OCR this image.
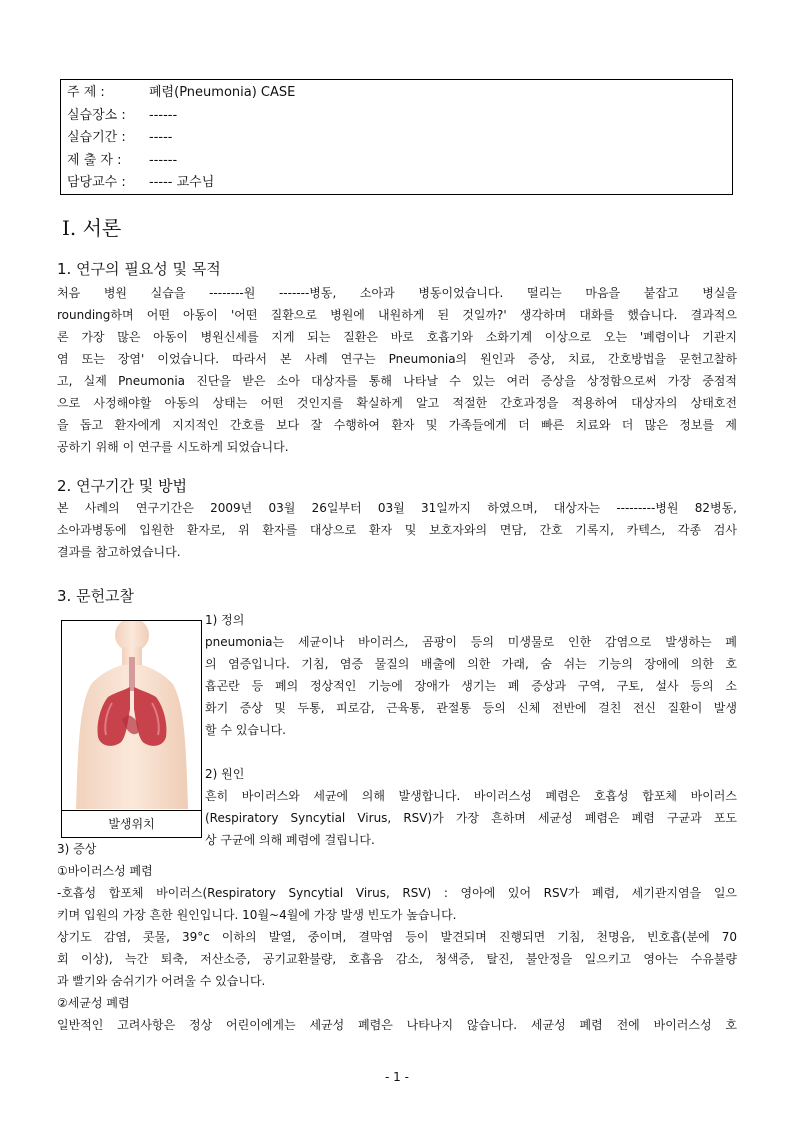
주 제 :	폐렴(Pneumonia) CASE
실습장소 : ------
실습기간 : -----
제 출 자 : ------
담당교수 : ----- 교수님
Ⅰ. 서론
1. 연구의 필요성 및 목적
처음 병원 실습을 --------원 -------병동, 소아과 병동이었습니다. 떨리는 마음을 붙잡고 병실을
rounding하며 어떤 아동이 '어떤 질환으로 병원에 내원하게 된 것일까?' 생각하며 대화를 했습니다. 결과적으
론 가장 많은 아동이 병원신세를 지게 되는 질환은 바로 호흡기와 소화기계 이상으로 오는 '폐렴이나 기관지
염 또는 장염' 이었습니다. 따라서 본 사례 연구는 Pneumonia의 원인과 증상, 치료, 간호방법을 문헌고찰하
고, 실제 Pneumonia 진단을 받은 소아 대상자를 통해 나타날 수 있는 여러 증상을 상정함으로써 가장 중점적
으로 사정해야할 아동의 상태는 어떤 것인지를 확실하게 알고 적절한 간호과정을 적용하여 대상자의 상태호전
을 돕고 환자에게 지지적인 간호를 보다 잘 수행하여 환자 및 가족들에게 더 빠른 치료와 더 많은 정보를 제
공하기 위해 이 연구를 시도하게 되었습니다.
2. 연구기간 및 방법
본 사례의 연구기간은 2009년 03월 26일부터 03월 31일까지 하였으며, 대상자는 ---------병원 82병동,
소아과병동에 입원한 환자로, 위 환자를 대상으로 환자 및 보호자와의 면담, 간호 기록지, 카텍스, 각종 검사
결과를 참고하였습니다.
3. 문헌고찰
발생위치
1) 정의
pneumonia는 세균이나 바이러스, 곰팡이 등의 미생물로 인한 감염으로 발생하는 폐
의 염증입니다. 기침, 염증 물질의 배출에 의한 가래, 숨 쉬는 기능의 장애에 의한 호
흡곤란 등 폐의 정상적인 기능에 장애가 생기는 폐 증상과 구역, 구토, 설사 등의 소
화기 증상 및 두통, 피로감, 근육통, 관절통 등의 신체 전반에 걸친 전신 질환이 발생
할 수 있습니다.
2) 원인
흔히 바이러스와 세균에 의해 발생합니다. 바이러스성 폐렴은 호흡성 합포체 바이러스
(Respiratory Syncytial Virus, RSV)가 가장 흔하며 세균성 폐렴은 폐렴 구균과 포도
상 구균에 의해 폐렴에 걸립니다.
3) 증상
①바이러스성 폐렴
-호흡성 합포체 바이러스(Respiratory Syncytial Virus, RSV) : 영아에 있어 RSV가 폐렴, 세기관지염을 일으
키며 입원의 가장 흔한 원인입니다. 10월~4월에 가장 발생 빈도가 높습니다.
상기도 감염, 콧물, 39°c 이하의 발열, 중이며, 결막염 등이 발견되며 진행되면 기침, 천명음, 빈호흡(분에 70
회 이상), 늑간 퇴축, 저산소증, 공기교환불량, 호흡음 감소, 청색증, 탈진, 불안정을 일으키고 영아는 수유불량
과 빨기와 숨쉬기가 어려울 수 있습니다.
②세균성 폐렴
일반적인 고려사항은 정상 어린이에게는 세균성 폐렴은 나타나지 않습니다. 세균성 폐렴 전에 바이러스성 호
- 1 -
